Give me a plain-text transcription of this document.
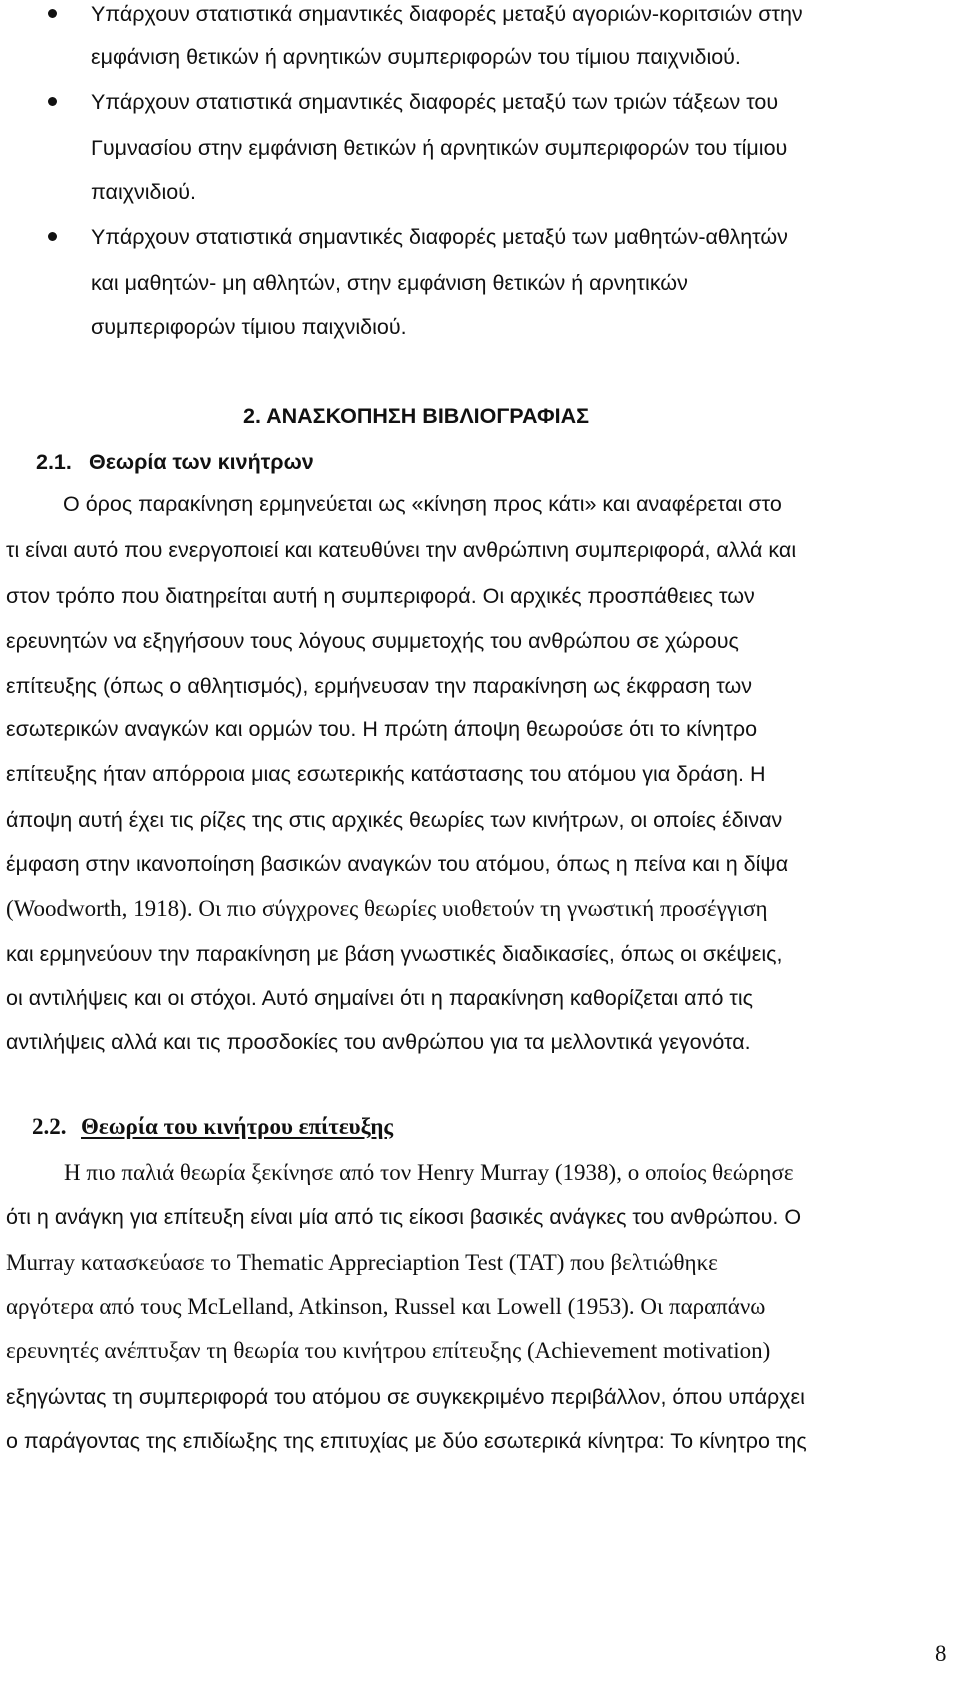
Υπάρχουν στατιστικά σημαντικές διαφορές μεταξύ αγοριών-κοριτσιών στην
εμφάνιση θετικών ή αρνητικών συμπεριφορών του τίμιου παιχνιδιού.
Υπάρχουν στατιστικά σημαντικές διαφορές μεταξύ των τριών τάξεων του
Γυμνασίου στην εμφάνιση θετικών ή αρνητικών συμπεριφορών του τίμιου
παιχνιδιού.
Υπάρχουν στατιστικά σημαντικές διαφορές μεταξύ των μαθητών-αθλητών
και μαθητών- μη αθλητών, στην εμφάνιση θετικών ή αρνητικών
συμπεριφορών τίμιου παιχνιδιού.
2. ΑΝΑΣΚΟΠΗΣΗ ΒΙΒΛΙΟΓΡΑΦΙΑΣ
2.1. Θεωρία των κινήτρων
Ο όρος παρακίνηση ερμηνεύεται ως «κίνηση προς κάτι» και αναφέρεται στο
τι είναι αυτό που ενεργοποιεί και κατευθύνει την ανθρώπινη συμπεριφορά, αλλά και
στον τρόπο που διατηρείται αυτή η συμπεριφορά. Οι αρχικές προσπάθειες των
ερευνητών να εξηγήσουν τους λόγους συμμετοχής του ανθρώπου σε χώρους
επίτευξης (όπως ο αθλητισμός), ερμήνευσαν την παρακίνηση ως έκφραση των
εσωτερικών αναγκών και ορμών του. Η πρώτη άποψη θεωρούσε ότι το κίνητρο
επίτευξης ήταν απόρροια μιας εσωτερικής κατάστασης του ατόμου για δράση. Η
άποψη αυτή έχει τις ρίζες της στις αρχικές θεωρίες των κινήτρων, οι οποίες έδιναν
έμφαση στην ικανοποίηση βασικών αναγκών του ατόμου, όπως η πείνα και η δίψα
(Woodworth, 1918). Οι πιο σύγχρονες θεωρίες υιοθετούν τη γνωστική προσέγγιση
και ερμηνεύουν την παρακίνηση με βάση γνωστικές διαδικασίες, όπως οι σκέψεις,
οι αντιλήψεις και οι στόχοι. Αυτό σημαίνει ότι η παρακίνηση καθορίζεται από τις
αντιλήψεις αλλά και τις προσδοκίες του ανθρώπου για τα μελλοντικά γεγονότα.
2.2. Θεωρία του κινήτρου επίτευξης
Η πιο παλιά θεωρία ξεκίνησε από τον Henry Murray (1938), ο οποίος θεώρησε
ότι η ανάγκη για επίτευξη είναι μία από τις είκοσι βασικές ανάγκες του ανθρώπου. Ο
Murray κατασκεύασε το Thematic Appreciaption Test (TAT) που βελτιώθηκε
αργότερα από τους McLelland, Atkinson, Russel και Lowell (1953). Οι παραπάνω
ερευνητές ανέπτυξαν τη θεωρία του κινήτρου επίτευξης (Achievement motivation)
εξηγώντας τη συμπεριφορά του ατόμου σε συγκεκριμένο περιβάλλον, όπου υπάρχει
ο παράγοντας της επιδίωξης της επιτυχίας με δύο εσωτερικά κίνητρα: Το κίνητρο της
8
